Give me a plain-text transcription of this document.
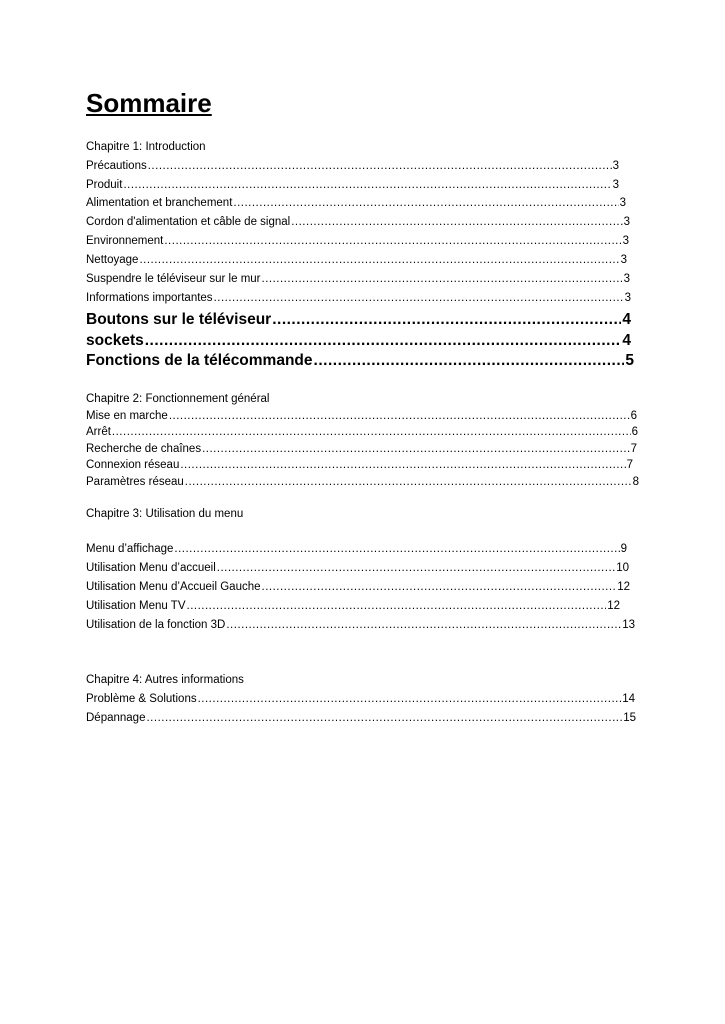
Sommaire
Chapitre 1: Introduction
Précautions .....	3
Produit .....	3
Alimentation et branchement .....	3
Cordon d'alimentation et câble de signal .....	3
Environnement .....	3
Nettoyage .....	3
Suspendre le téléviseur sur le mur .....	3
Informations importantes .....	3
Boutons sur le téléviseur .....	4
sockets .....	4
Fonctions de la télécommande .....	5
Chapitre 2: Fonctionnement général
Mise en marche .....	6
Arrêt .....	6
Recherche de chaînes .....	7
Connexion réseau .....	7
Paramètres réseau .....	8
Chapitre 3: Utilisation du menu
Menu d’affichage .....	9
Utilisation Menu d’accueil .....	10
Utilisation Menu d’Accueil Gauche .....	12
Utilisation Menu TV .....	12
Utilisation de la fonction 3D .....	13
Chapitre 4: Autres informations
Problème & Solutions .....	14
Dépannage .....	15
